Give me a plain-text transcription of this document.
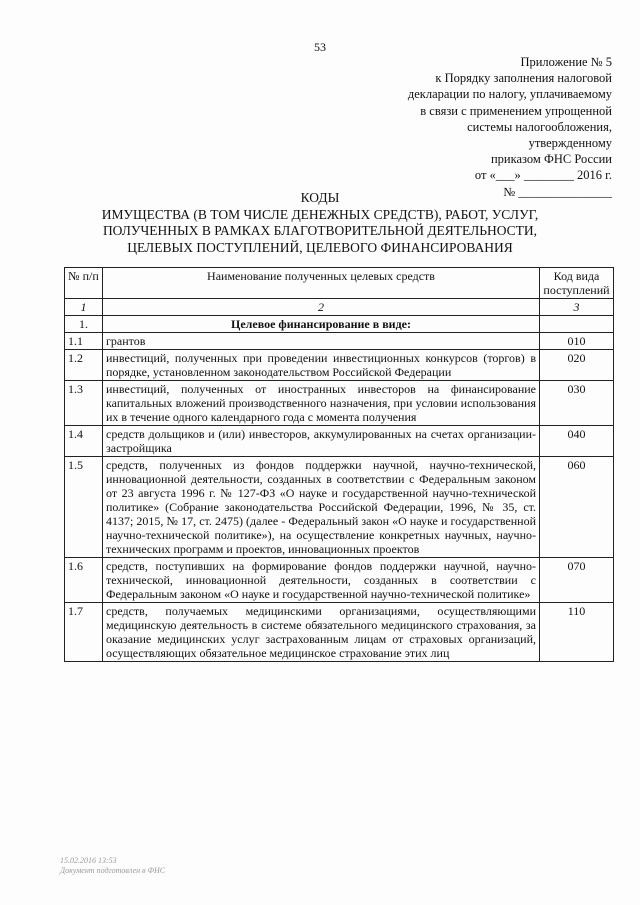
53
Приложение № 5
к Порядку заполнения налоговой
декларации по налогу, уплачиваемому
в связи с применением упрощенной
системы налогообложения,
утвержденному
приказом ФНС России
от «___» ________ 2016 г.
№ _______________
КОДЫ
ИМУЩЕСТВА (В ТОМ ЧИСЛЕ ДЕНЕЖНЫХ СРЕДСТВ), РАБОТ, УСЛУГ,
ПОЛУЧЕННЫХ В РАМКАХ БЛАГОТВОРИТЕЛЬНОЙ ДЕЯТЕЛЬНОСТИ,
ЦЕЛЕВЫХ ПОСТУПЛЕНИЙ, ЦЕЛЕВОГО ФИНАНСИРОВАНИЯ
№ п/п	Наименование полученных целевых средств	Код вида поступлений
1	2	3
1.	Целевое финансирование в виде:	
1.1	грантов	010
1.2	инвестиций, полученных при проведении инвестиционных конкурсов (торгов) в порядке, установленном законодательством Российской Федерации	020
1.3	инвестиций, полученных от иностранных инвесторов на финансирование капитальных вложений производственного назначения, при условии использования их в течение одного календарного года с момента получения	030
1.4	средств дольщиков и (или) инвесторов, аккумулированных на счетах организации-застройщика	040
1.5	средств, полученных из фондов поддержки научной, научно-технической, инновационной деятельности, созданных в соответствии с Федеральным законом от 23 августа 1996 г. № 127-ФЗ «О науке и государственной научно-технической политике» (Собрание законодательства Российской Федерации, 1996, № 35, ст. 4137; 2015, № 17, ст. 2475) (далее - Федеральный закон «О науке и государственной научно-технической политике»), на осуществление конкретных научных, научно-технических программ и проектов, инновационных проектов	060
1.6	средств, поступивших на формирование фондов поддержки научной, научно-технической, инновационной деятельности, созданных в соответствии с Федеральным законом «О науке и государственной научно-технической политике»	070
1.7	средств, получаемых медицинскими организациями, осуществляющими медицинскую деятельность в системе обязательного медицинского страхования, за оказание медицинских услуг застрахованным лицам от страховых организаций, осуществляющих обязательное медицинское страхование этих лиц	110
15.02.2016 13:53
Документ подготовлен в ФНС
